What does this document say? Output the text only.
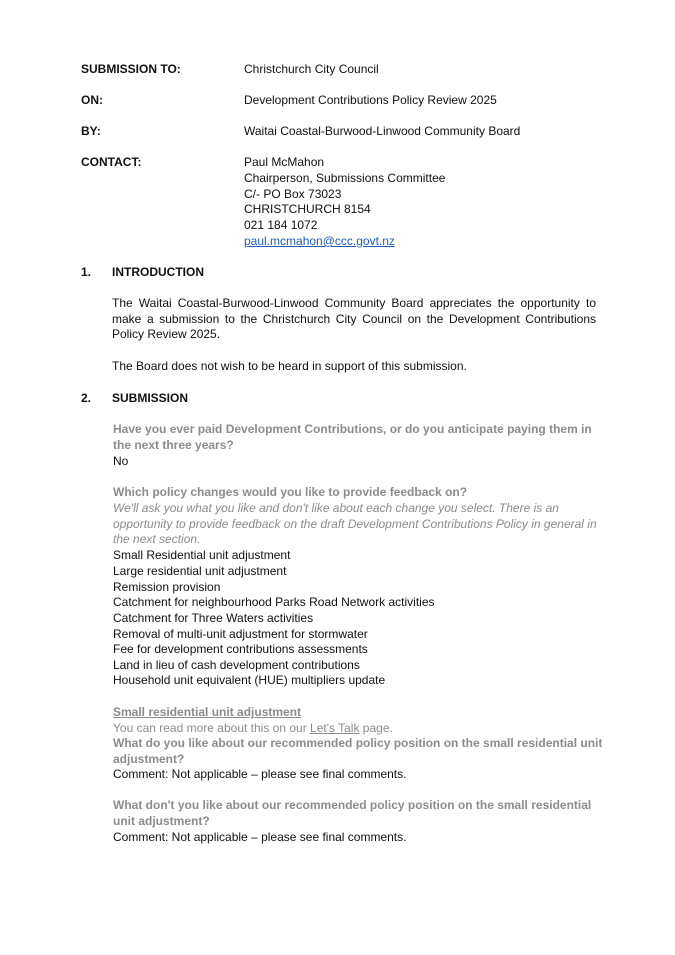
SUBMISSION TO:	Christchurch City Council
ON:	Development Contributions Policy Review 2025
BY:	Waitai Coastal-Burwood-Linwood Community Board
CONTACT:	Paul McMahon
Chairperson, Submissions Committee
C/- PO Box 73023
CHRISTCHURCH 8154
021 184 1072
paul.mcmahon@ccc.govt.nz
1. INTRODUCTION
The Waitai Coastal-Burwood-Linwood Community Board appreciates the opportunity to make a submission to the Christchurch City Council on the Development Contributions Policy Review 2025.
The Board does not wish to be heard in support of this submission.
2. SUBMISSION
Have you ever paid Development Contributions, or do you anticipate paying them in the next three years?
No
Which policy changes would you like to provide feedback on?
We'll ask you what you like and don't like about each change you select. There is an opportunity to provide feedback on the draft Development Contributions Policy in general in the next section.
Small Residential unit adjustment
Large residential unit adjustment
Remission provision
Catchment for neighbourhood Parks Road Network activities
Catchment for Three Waters activities
Removal of multi-unit adjustment for stormwater
Fee for development contributions assessments
Land in lieu of cash development contributions
Household unit equivalent (HUE) multipliers update
Small residential unit adjustment
You can read more about this on our Let's Talk page.
What do you like about our recommended policy position on the small residential unit adjustment?
Comment: Not applicable – please see final comments.
What don't you like about our recommended policy position on the small residential unit adjustment?
Comment: Not applicable – please see final comments.
